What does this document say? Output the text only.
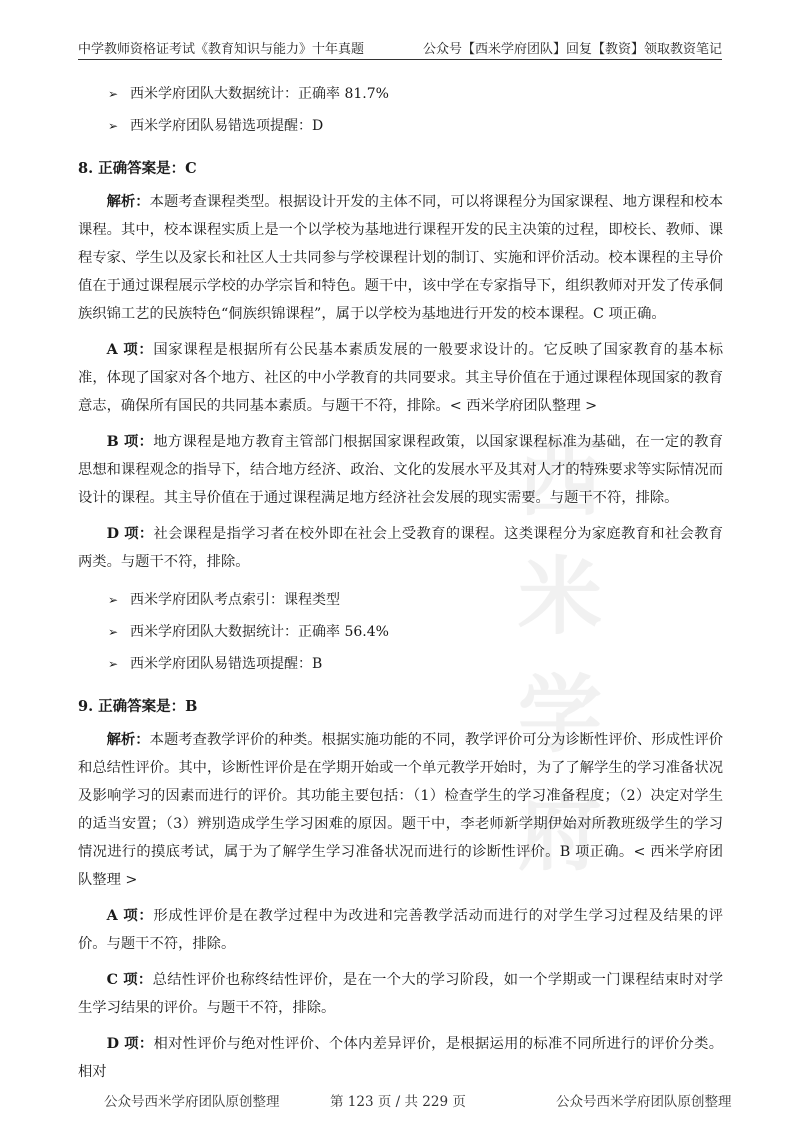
中学教师资格证考试《教育知识与能力》十年真题	公众号【西米学府团队】回复【教资】领取教资笔记
西米学府
➢ 西米学府团队大数据统计：正确率 81.7%
➢ 西米学府团队易错选项提醒：D
8. 正确答案是：C

解析：本题考查课程类型。根据设计开发的主体不同，可以将课程分为国家课程、地方课程和校本课程。其中，校本课程实质上是一个以学校为基地进行课程开发的民主决策的过程，即校长、教师、课程专家、学生以及家长和社区人士共同参与学校课程计划的制订、实施和评价活动。校本课程的主导价值在于通过课程展示学校的办学宗旨和特色。题干中，该中学在专家指导下，组织教师对开发了传承侗族织锦工艺的民族特色“侗族织锦课程”，属于以学校为基地进行开发的校本课程。C 项正确。

A 项：国家课程是根据所有公民基本素质发展的一般要求设计的。它反映了国家教育的基本标准，体现了国家对各个地方、社区的中小学教育的共同要求。其主导价值在于通过课程体现国家的教育意志，确保所有国民的共同基本素质。与题干不符，排除。< 西米学府团队整理 >

B 项：地方课程是地方教育主管部门根据国家课程政策，以国家课程标准为基础，在一定的教育思想和课程观念的指导下，结合地方经济、政治、文化的发展水平及其对人才的特殊要求等实际情况而设计的课程。其主导价值在于通过课程满足地方经济社会发展的现实需要。与题干不符，排除。

D 项：社会课程是指学习者在校外即在社会上受教育的课程。这类课程分为家庭教育和社会教育两类。与题干不符，排除。

➢ 西米学府团队考点索引：课程类型
➢ 西米学府团队大数据统计：正确率 56.4%
➢ 西米学府团队易错选项提醒：B
9. 正确答案是：B

解析：本题考查教学评价的种类。根据实施功能的不同，教学评价可分为诊断性评价、形成性评价和总结性评价。其中，诊断性评价是在学期开始或一个单元教学开始时，为了了解学生的学习准备状况及影响学习的因素而进行的评价。其功能主要包括：（1）检查学生的学习准备程度；（2）决定对学生的适当安置；（3）辨别造成学生学习困难的原因。题干中，李老师新学期伊始对所教班级学生的学习情况进行的摸底考试，属于为了解学生学习准备状况而进行的诊断性评价。B 项正确。< 西米学府团队整理 >

A 项：形成性评价是在教学过程中为改进和完善教学活动而进行的对学生学习过程及结果的评价。与题干不符，排除。

C 项：总结性评价也称终结性评价，是在一个大的学习阶段，如一个学期或一门课程结束时对学生学习结果的评价。与题干不符，排除。

D 项：相对性评价与绝对性评价、个体内差异评价，是根据运用的标准不同所进行的评价分类。相对

公众号西米学府团队原创整理	第 123 页 / 共 229 页	公众号西米学府团队原创整理
